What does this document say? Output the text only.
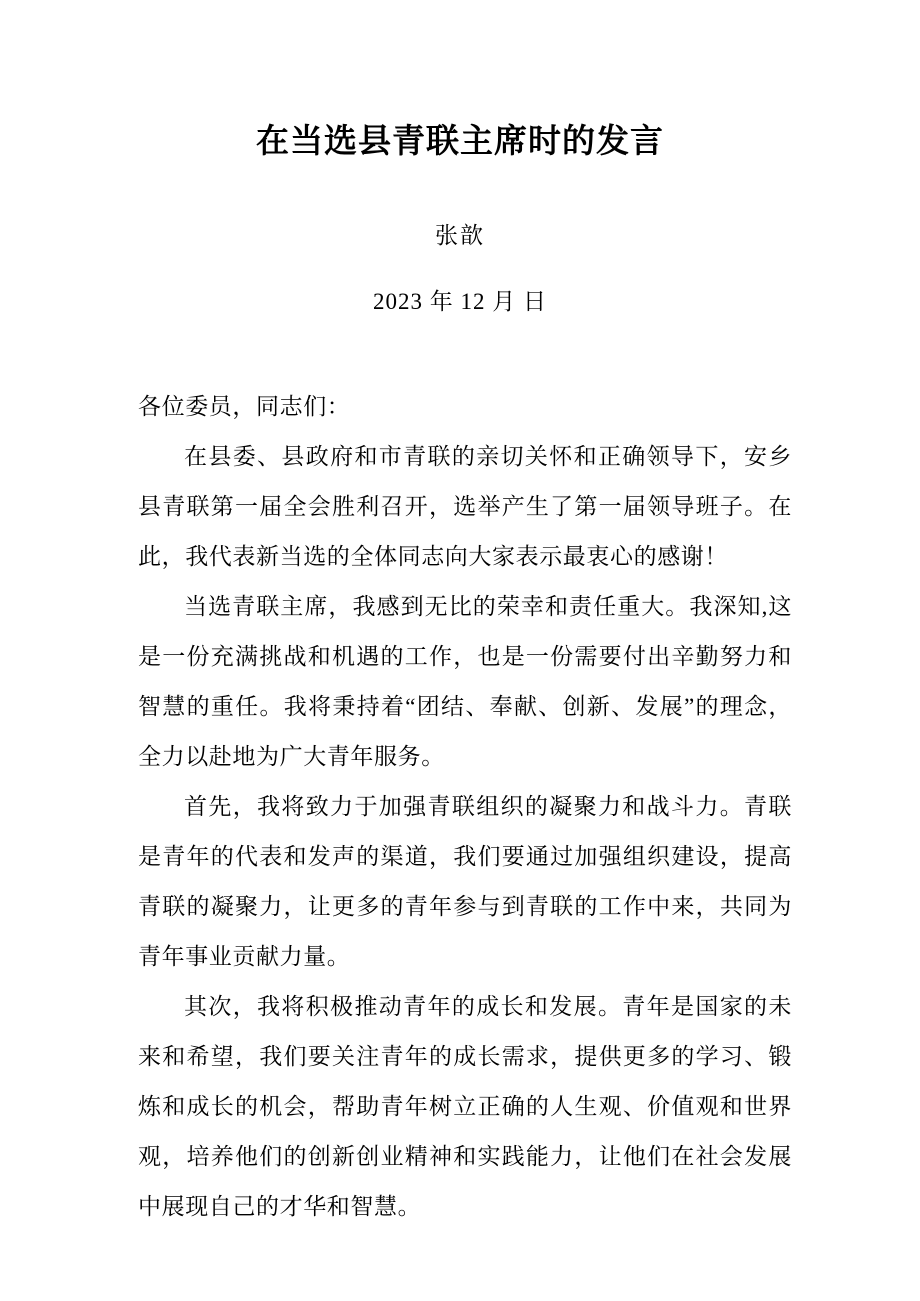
在当选县青联主席时的发言
张歆
2023 年 12 月 日

各位委员，同志们：

在县委、县政府和市青联的亲切关怀和正确领导下，安乡县青联第一届全会胜利召开，选举产生了第一届领导班子。在此，我代表新当选的全体同志向大家表示最衷心的感谢！

当选青联主席，我感到无比的荣幸和责任重大。我深知,这是一份充满挑战和机遇的工作，也是一份需要付出辛勤努力和智慧的重任。我将秉持着“团结、奉献、创新、发展”的理念，全力以赴地为广大青年服务。

首先，我将致力于加强青联组织的凝聚力和战斗力。青联是青年的代表和发声的渠道，我们要通过加强组织建设，提高青联的凝聚力，让更多的青年参与到青联的工作中来，共同为青年事业贡献力量。

其次，我将积极推动青年的成长和发展。青年是国家的未来和希望，我们要关注青年的成长需求，提供更多的学习、锻炼和成长的机会，帮助青年树立正确的人生观、价值观和世界观，培养他们的创新创业精神和实践能力，让他们在社会发展中展现自己的才华和智慧。
